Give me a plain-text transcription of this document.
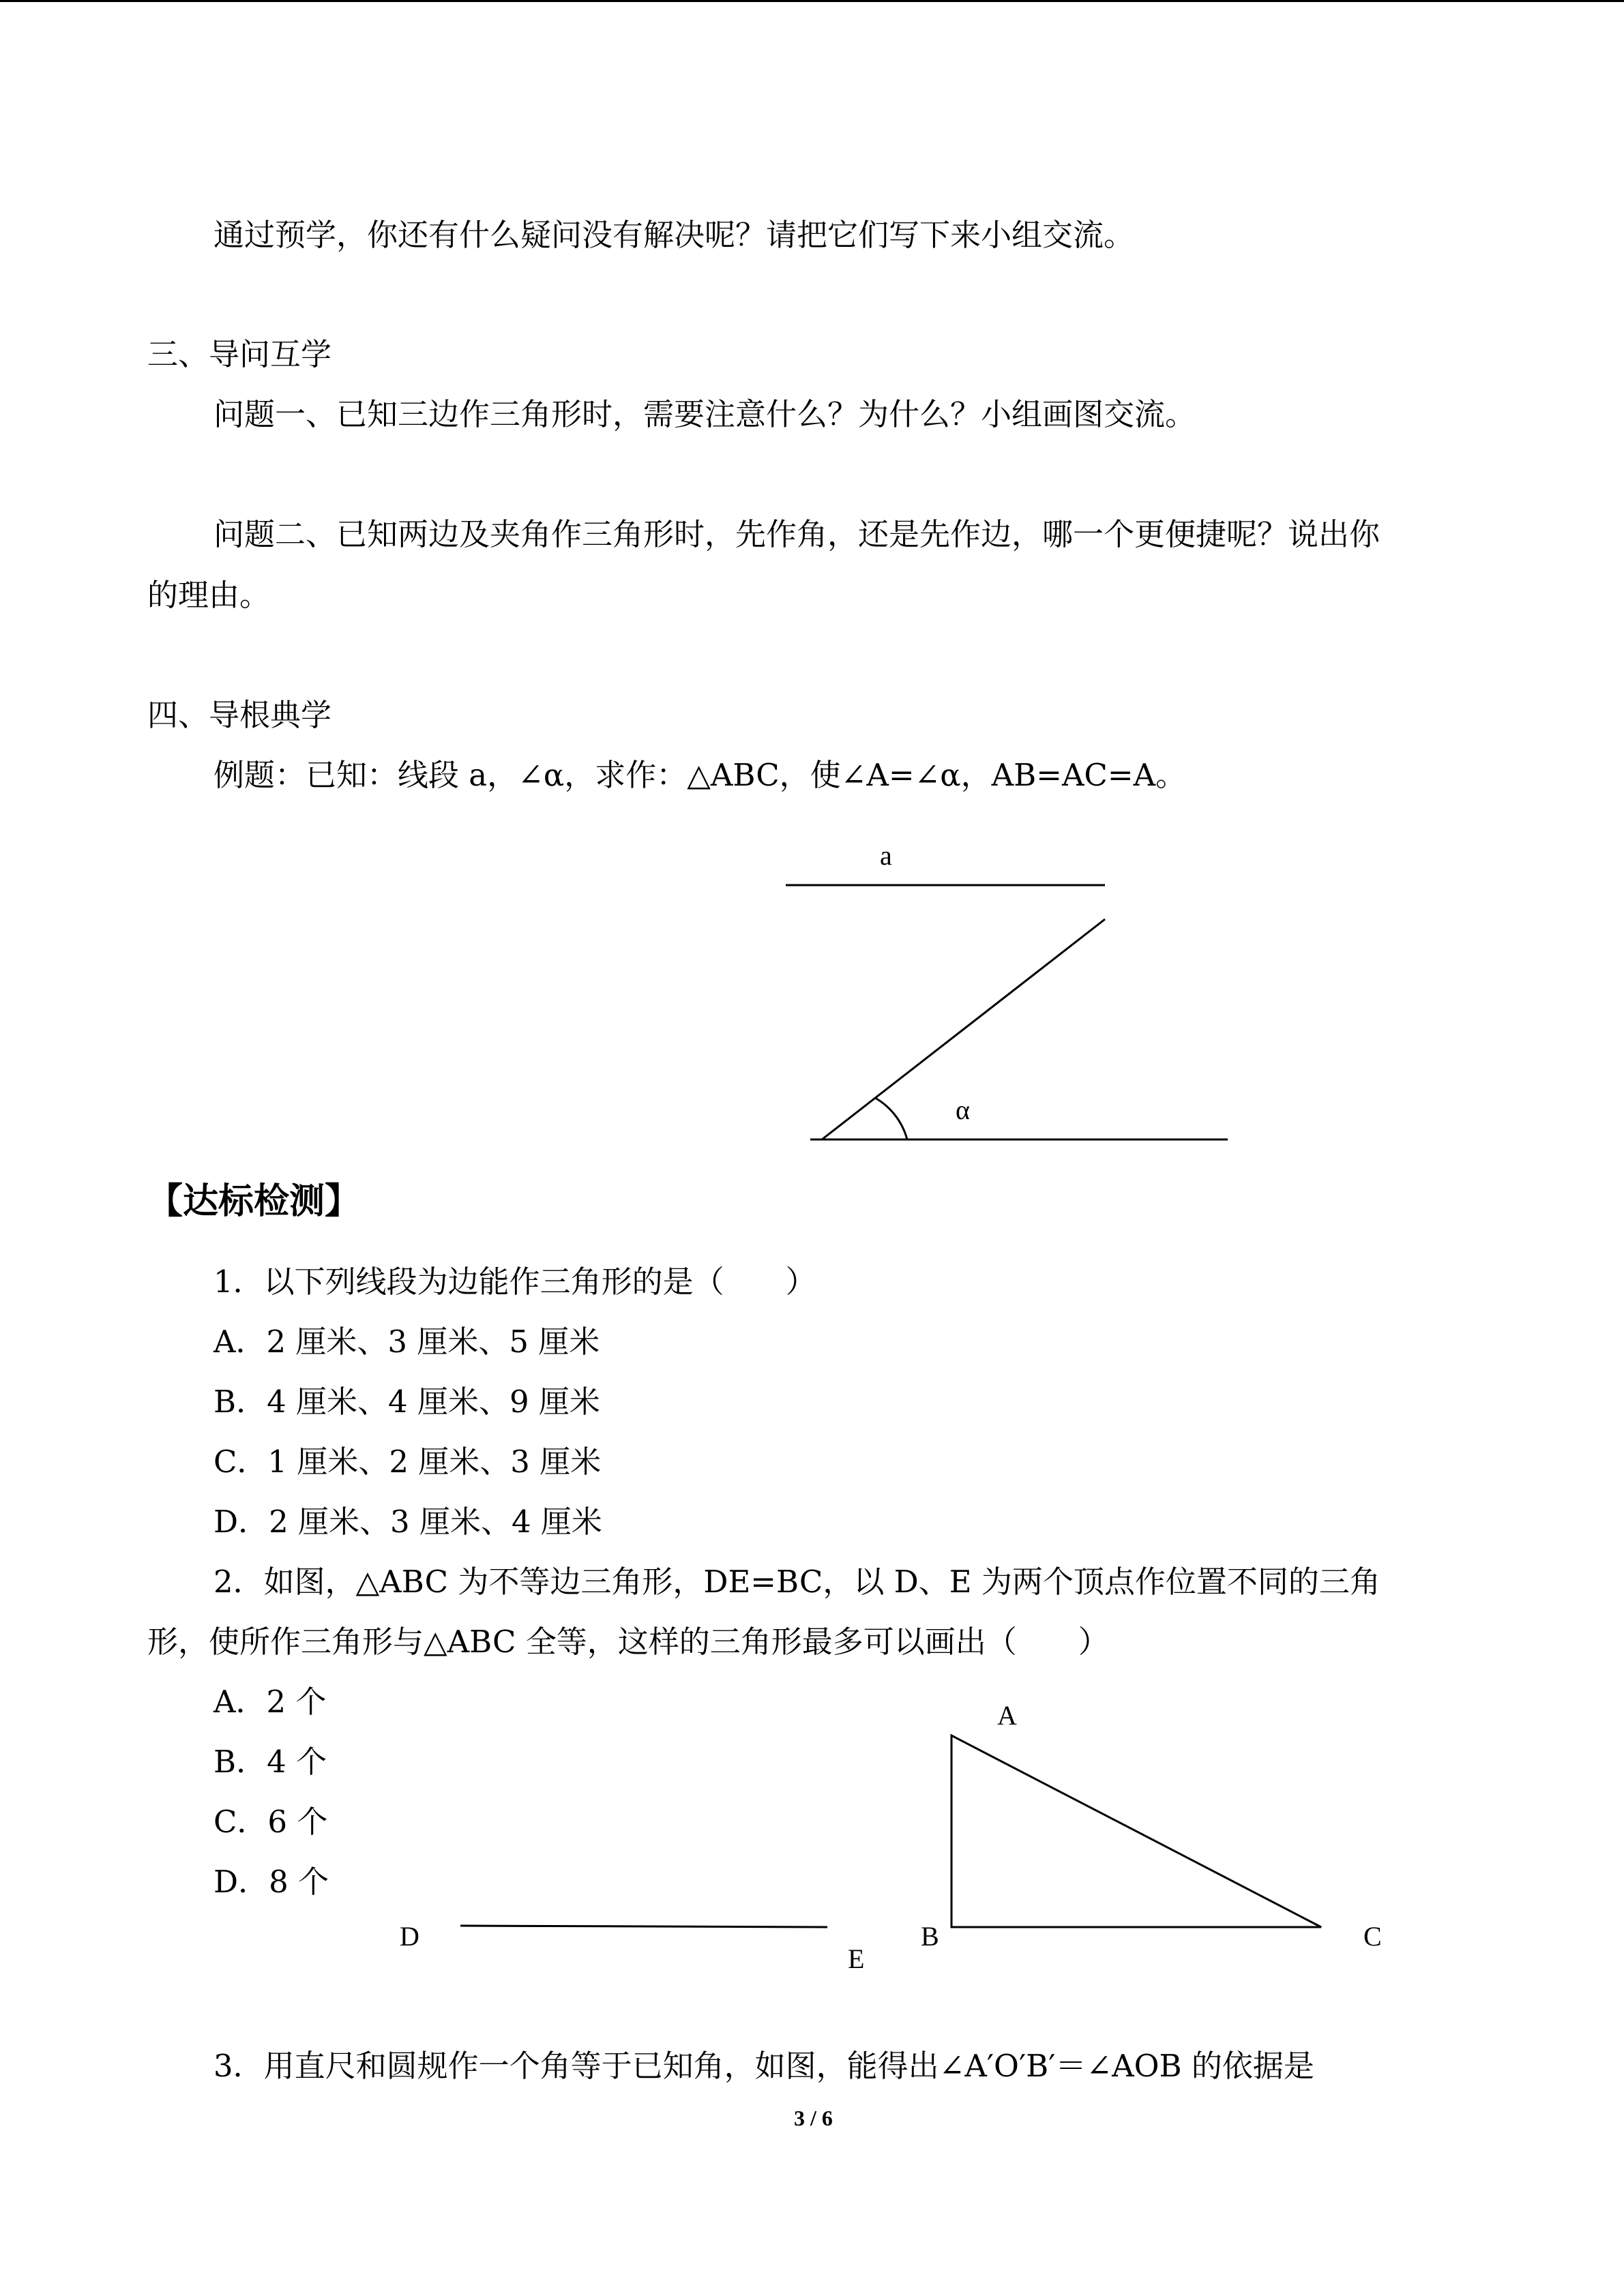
通过预学，你还有什么疑问没有解决呢？请把它们写下来小组交流。
三、导问互学
问题一、已知三边作三角形时，需要注意什么？为什么？小组画图交流。
问题二、已知两边及夹角作三角形时，先作角，还是先作边，哪一个更便捷呢？说出你
的理由。
四、导根典学
例题：已知：线段 a，∠α，求作：△ABC，使∠A=∠α，AB=AC=A。
a
α
【达标检测】
1．以下列线段为边能作三角形的是（　　）
A．2 厘米、3 厘米、5 厘米
B．4 厘米、4 厘米、9 厘米
C．1 厘米、2 厘米、3 厘米
D．2 厘米、3 厘米、4 厘米
2．如图，△ABC 为不等边三角形，DE=BC，以 D、E 为两个顶点作位置不同的三角
形，使所作三角形与△ABC 全等，这样的三角形最多可以画出（　　）
A．2 个
B．4 个
C．6 个
D．8 个
A
B	C
D
E
3．用直尺和圆规作一个角等于已知角，如图，能得出∠A′O′B′＝∠AOB 的依据是
3 / 6
